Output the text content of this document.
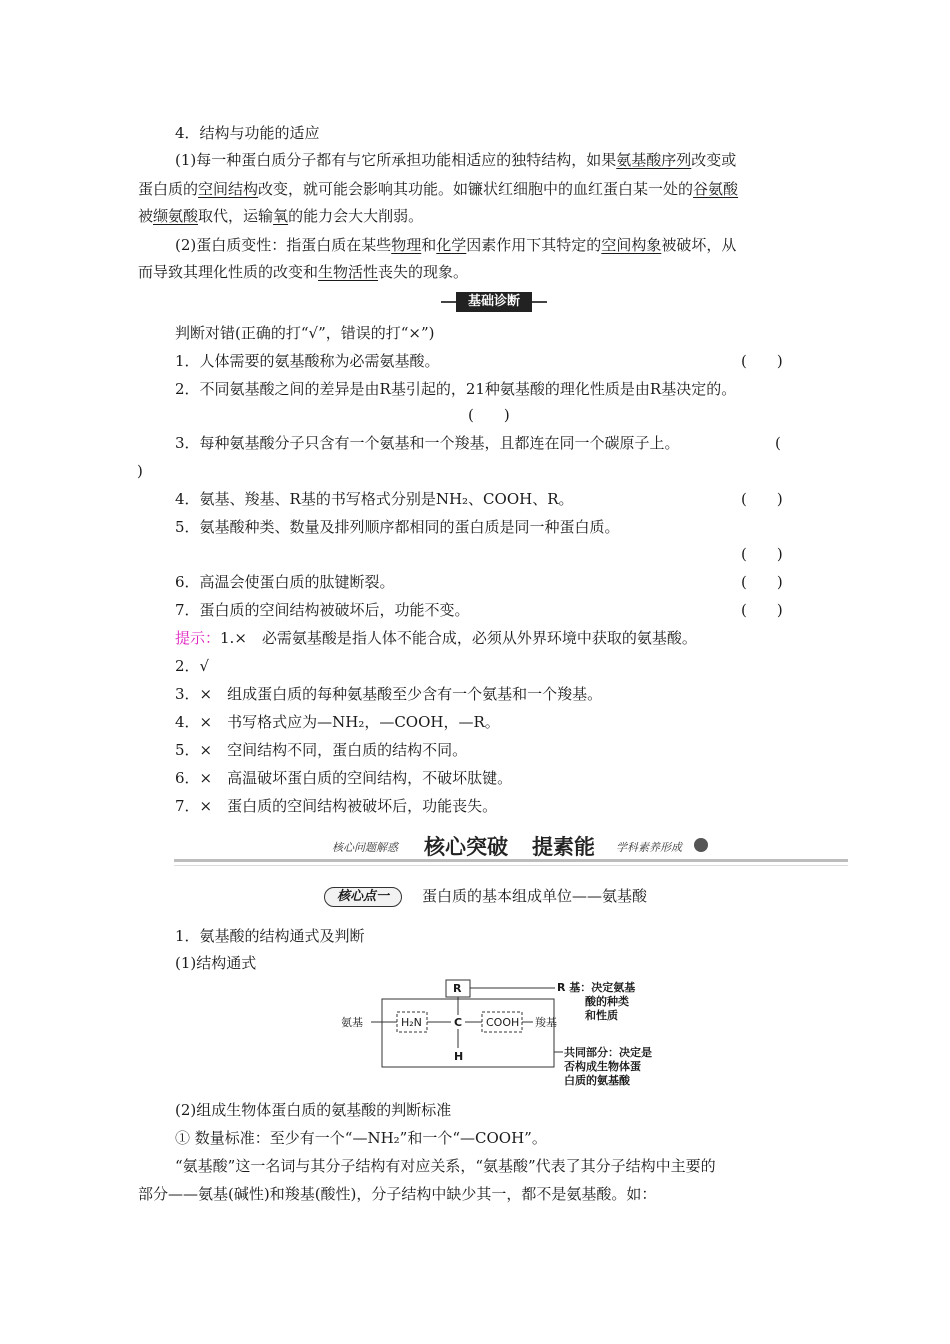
4．结构与功能的适应
(1)每一种蛋白质分子都有与它所承担功能相适应的独特结构，如果氨基酸序列改变或
蛋白质的空间结构改变，就可能会影响其功能。如镰状红细胞中的血红蛋白某一处的谷氨酸
被缬氨酸取代，运输氧的能力会大大削弱。
(2)蛋白质变性：指蛋白质在某些物理和化学因素作用下其特定的空间构象被破坏，从
而导致其理化性质的改变和生物活性丧失的现象。
基础诊断
判断对错(正确的打“√”，错误的打“×”)
1．人体需要的氨基酸称为必需氨基酸。	(　　)
2．不同氨基酸之间的差异是由R基引起的，21种氨基酸的理化性质是由R基决定的。
(　　)
3．每种氨基酸分子只含有一个氨基和一个羧基，且都连在同一个碳原子上。	(
)
4．氨基、羧基、R基的书写格式分别是NH₂、COOH、R。	(　　)
5．氨基酸种类、数量及排列顺序都相同的蛋白质是同一种蛋白质。
(　　)
6．高温会使蛋白质的肽键断裂。	(　　)
7．蛋白质的空间结构被破坏后，功能不变。	(　　)
提示：1.×　必需氨基酸是指人体不能合成，必须从外界环境中获取的氨基酸。
2．√
3．×　组成蛋白质的每种氨基酸至少含有一个氨基和一个羧基。
4．×　书写格式应为—NH₂，—COOH，—R。
5．×　空间结构不同，蛋白质的结构不同。
6．×　高温破坏蛋白质的空间结构，不破坏肽键。
7．×　蛋白质的空间结构被破坏后，功能丧失。
核心问题解惑 核心突破 提素能 学科素养形成
核心点一	蛋白质的基本组成单位——氨基酸
1．氨基酸的结构通式及判断
(1)结构通式
R
C
H
H₂N	COOH
氨基	羧基
R 基：决定氨基
酸的种类
和性质
共同部分：决定是
否构成生物体蛋
白质的氨基酸
(2)组成生物体蛋白质的氨基酸的判断标准
① 数量标准：至少有一个“—NH₂”和一个“—COOH”。
“氨基酸”这一名词与其分子结构有对应关系，“氨基酸”代表了其分子结构中主要的
部分——氨基(碱性)和羧基(酸性)，分子结构中缺少其一，都不是氨基酸。如：
